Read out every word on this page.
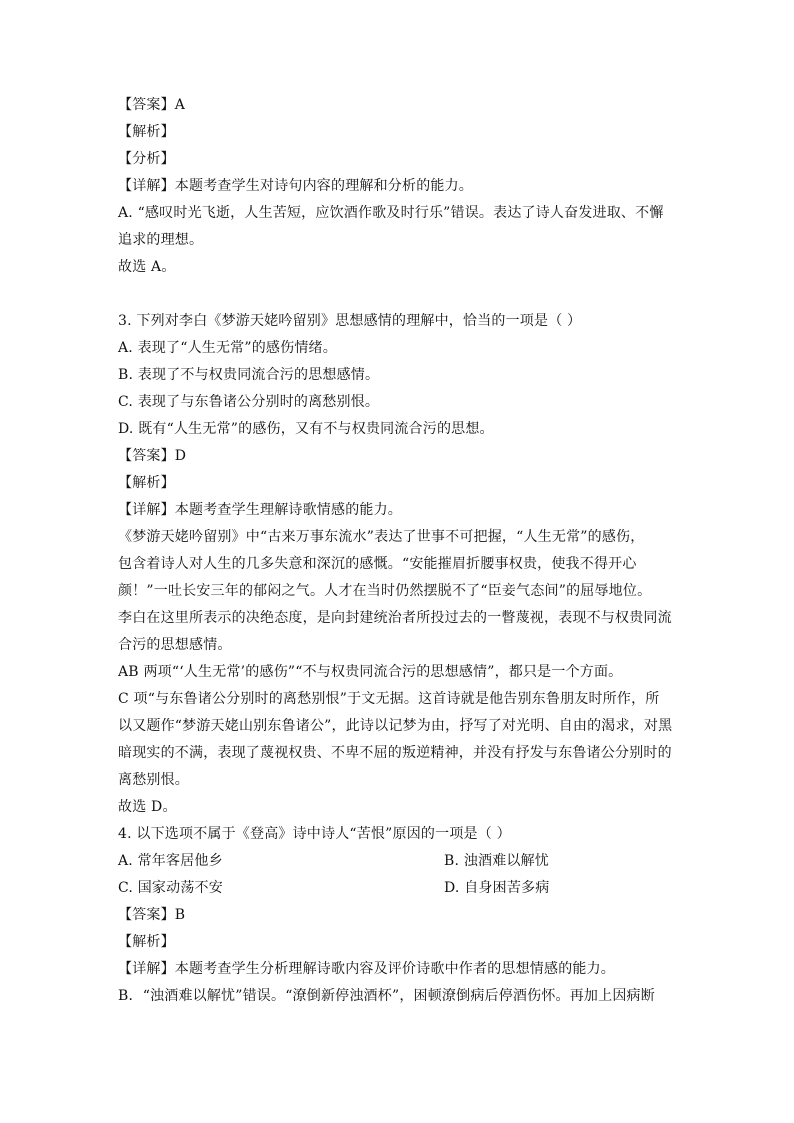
【答案】A
【解析】
【分析】
【详解】本题考查学生对诗句内容的理解和分析的能力。
A. “感叹时光飞逝，人生苦短，应饮酒作歌及时行乐”错误。表达了诗人奋发进取、不懈
追求的理想。
故选 A。
3. 下列对李白《梦游天姥吟留别》思想感情的理解中，恰当的一项是（ ）
A. 表现了“人生无常”的感伤情绪。
B. 表现了不与权贵同流合污的思想感情。
C. 表现了与东鲁诸公分别时的离愁别恨。
D. 既有“人生无常”的感伤，又有不与权贵同流合污的思想。
【答案】D
【解析】
【详解】本题考查学生理解诗歌情感的能力。
《梦游天姥吟留别》中“古来万事东流水”表达了世事不可把握，“人生无常”的感伤，
包含着诗人对人生的几多失意和深沉的感慨。“安能摧眉折腰事权贵，使我不得开心
颜！”一吐长安三年的郁闷之气。人才在当时仍然摆脱不了“臣妾气态间”的屈辱地位。
李白在这里所表示的决绝态度，是向封建统治者所投过去的一瞥蔑视，表现不与权贵同流
合污的思想感情。
AB 两项“‘人生无常’的感伤”“不与权贵同流合污的思想感情”，都只是一个方面。
C 项“与东鲁诸公分别时的离愁别恨”于文无据。这首诗就是他告别东鲁朋友时所作，所
以又题作“梦游天姥山别东鲁诸公”，此诗以记梦为由，抒写了对光明、自由的渴求，对黑
暗现实的不满，表现了蔑视权贵、不卑不屈的叛逆精神，并没有抒发与东鲁诸公分别时的
离愁别恨。
故选 D。
4. 以下选项不属于《登高》诗中诗人“苦恨”原因的一项是（ ）
A. 常年客居他乡	B. 浊酒难以解忧
C. 国家动荡不安	D. 自身困苦多病
【答案】B
【解析】
【详解】本题考查学生分析理解诗歌内容及评价诗歌中作者的思想情感的能力。
B．“浊酒难以解忧”错误。“潦倒新停浊酒杯”，困顿潦倒病后停酒伤怀。再加上因病断
